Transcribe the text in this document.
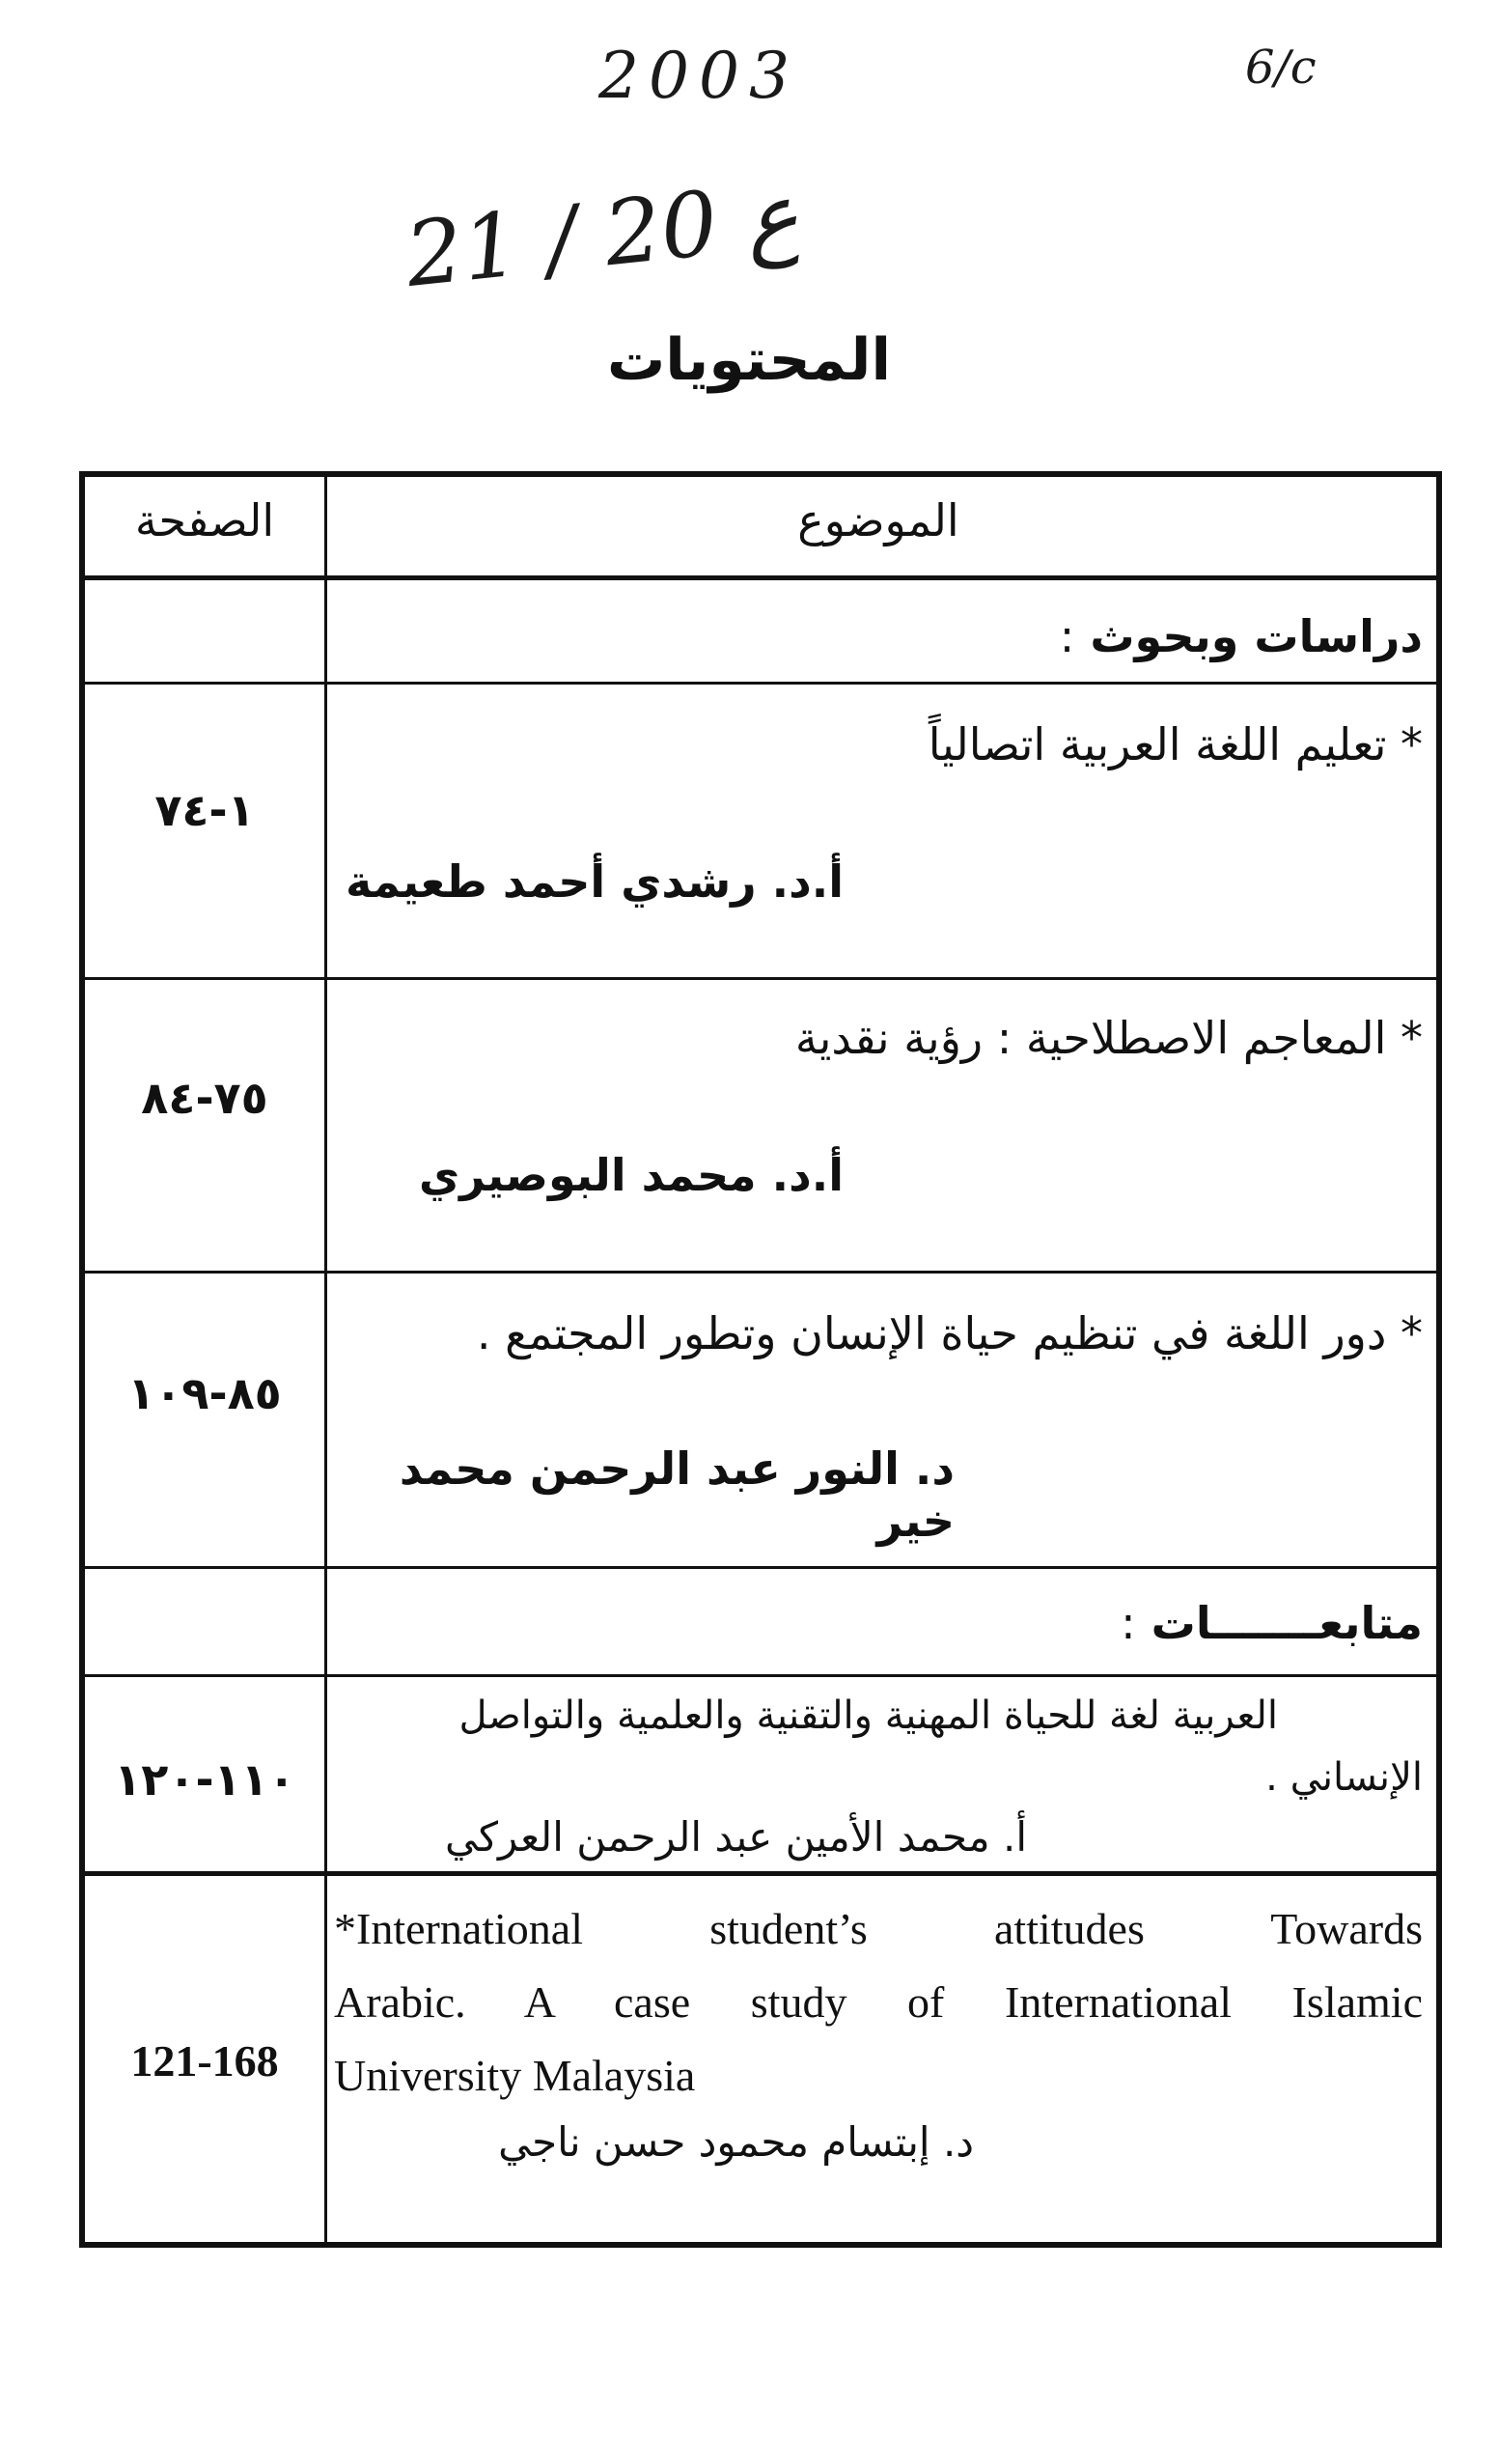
2003	6/c
21 / 20 ع
المحتويات
الموضوع
الصفحة
دراسات وبحوث :
* تعليم اللغة العربية اتصالياً
أ.د. رشدي أحمد طعيمة
١-٧٤
* المعاجم الاصطلاحية : رؤية نقدية
أ.د. محمد البوصيري
٧٥-٨٤
* دور اللغة في تنظيم حياة الإنسان وتطور المجتمع .
د. النور عبد الرحمن محمد خير
٨٥-١٠٩
متابعـــــــات :
العربية لغة للحياة المهنية والتقنية والعلمية والتواصل
الإنساني .
أ. محمد الأمين عبد الرحمن العركي
١١٠-١٢٠
*International student’s attitudes Towards
Arabic. A case study of International Islamic
University Malaysia
د. إبتسام محمود حسن ناجي
121-168
